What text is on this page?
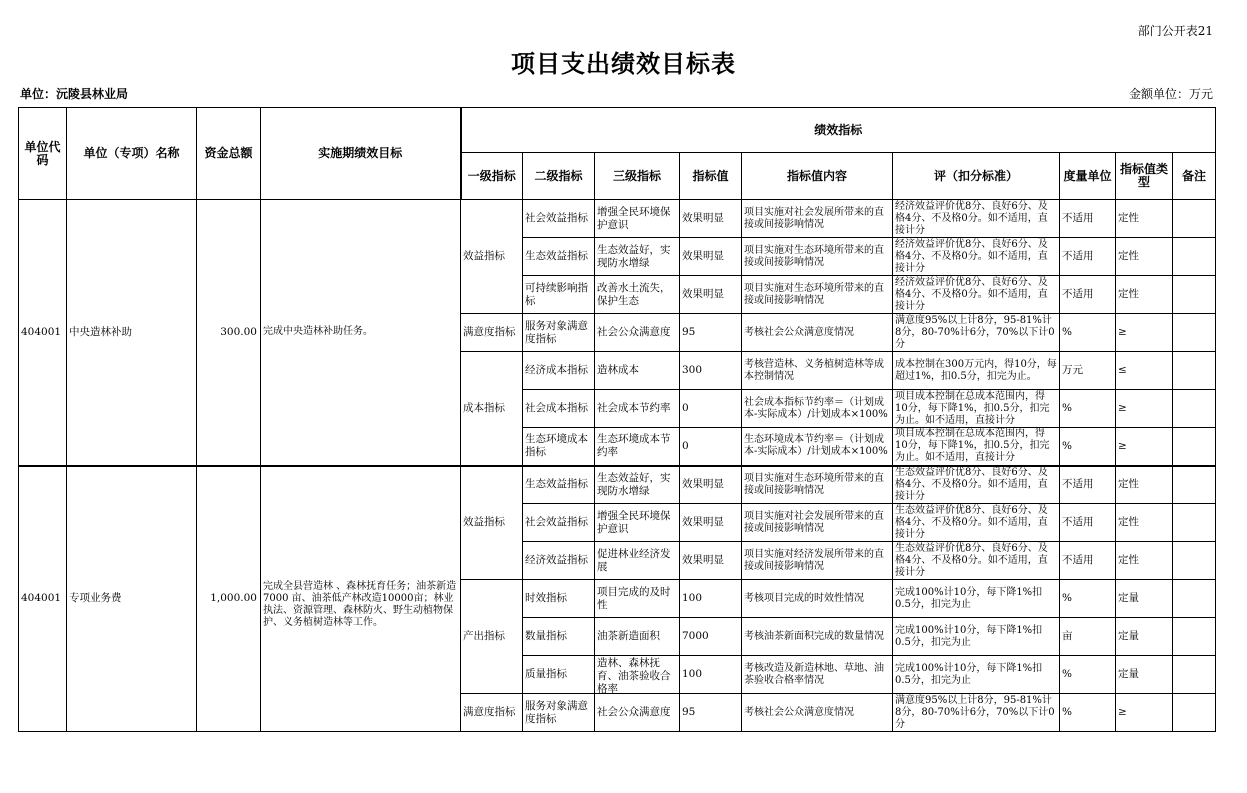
部门公开表21
项目支出绩效目标表
单位：沅陵县林业局	金额单位：万元
单位代码	单位（专项）名称	资金总额	实施期绩效目标	绩效指标								
				一级指标	二级指标	三级指标	指标值	指标值内容	评（扣分标准）	度量单位	指标值类型	备注

404001	中央造林补助	300.00	完成中央造林补助任务。	效益指标	社会效益指标	增强全民环境保护意识	效果明显	项目实施对社会发展所带来的直接或间接影响情况	经济效益评价优8分、良好6分、及格4分、不及格0分。如不适用，直接计分	不适用	定性	

					生态效益指标	生态效益好，实现防水增绿	效果明显	项目实施对生态环境所带来的直接或间接影响情况	经济效益评价优8分、良好6分、及格4分、不及格0分。如不适用，直接计分	不适用	定性	

					可持续影响指标	改善水土流失，保护生态	效果明显	项目实施对生态环境所带来的直接或间接影响情况	经济效益评价优8分、良好6分、及格4分、不及格0分。如不适用，直接计分	不适用	定性	

				满意度指标	服务对象满意度指标	社会公众满意度	95	考核社会公众满意度情况	满意度95%以上计8分，95-81%计8分，80-70%计6分，70%以下计0分	%	≥	

				成本指标	经济成本指标	造林成本	300	考核营造林、义务植树造林等成本控制情况	成本控制在300万元内，得10分，每超过1%，扣0.5分，扣完为止。	万元	≤	

					社会成本指标	社会成本节约率	0	社会成本指标节约率＝（计划成本-实际成本）/计划成本×100%	项目成本控制在总成本范围内，得10分，每下降1%，扣0.5分，扣完为止。如不适用，直接计分	%	≥	

					生态环境成本指标	生态环境成本节约率	0	生态环境成本节约率＝（计划成本-实际成本）/计划成本×100%	项目成本控制在总成本范围内，得10分，每下降1%，扣0.5分，扣完为止。如不适用，直接计分	%	≥	

404001	专项业务费	1,000.00	完成全县营造林 、森林抚育任务；油茶新造7000 亩、油茶低产林改造10000亩；林业执法、资源管理、森林防火、野生动植物保护、义务植树造林等工作。	效益指标	生态效益指标	生态效益好，实现防水增绿	效果明显	项目实施对生态环境所带来的直接或间接影响情况	生态效益评价优8分、良好6分、及格4分、不及格0分。如不适用，直接计分	不适用	定性	

					社会效益指标	增强全民环境保护意识	效果明显	项目实施对社会发展所带来的直接或间接影响情况	生态效益评价优8分、良好6分、及格4分、不及格0分。如不适用，直接计分	不适用	定性	

					经济效益指标	促进林业经济发展	效果明显	项目实施对经济发展所带来的直接或间接影响情况	生态效益评价优8分、良好6分、及格4分、不及格0分。如不适用，直接计分	不适用	定性	

				产出指标	时效指标	项目完成的及时性	100	考核项目完成的时效性情况	完成100%计10分，每下降1%扣0.5分，扣完为止	%	定量	

					数量指标	油茶新造面积	7000	考核油茶新面积完成的数量情况	完成100%计10分，每下降1%扣0.5分，扣完为止	亩	定量	

					质量指标	造林、森林抚育、油茶验收合格率	100	考核改造及新造林地、草地、油茶验收合格率情况	完成100%计10分，每下降1%扣0.5分，扣完为止	%	定量	

				满意度指标	服务对象满意度指标	社会公众满意度	95	考核社会公众满意度情况	满意度95%以上计8分，95-81%计8分，80-70%计6分，70%以下计0分	%	≥	
